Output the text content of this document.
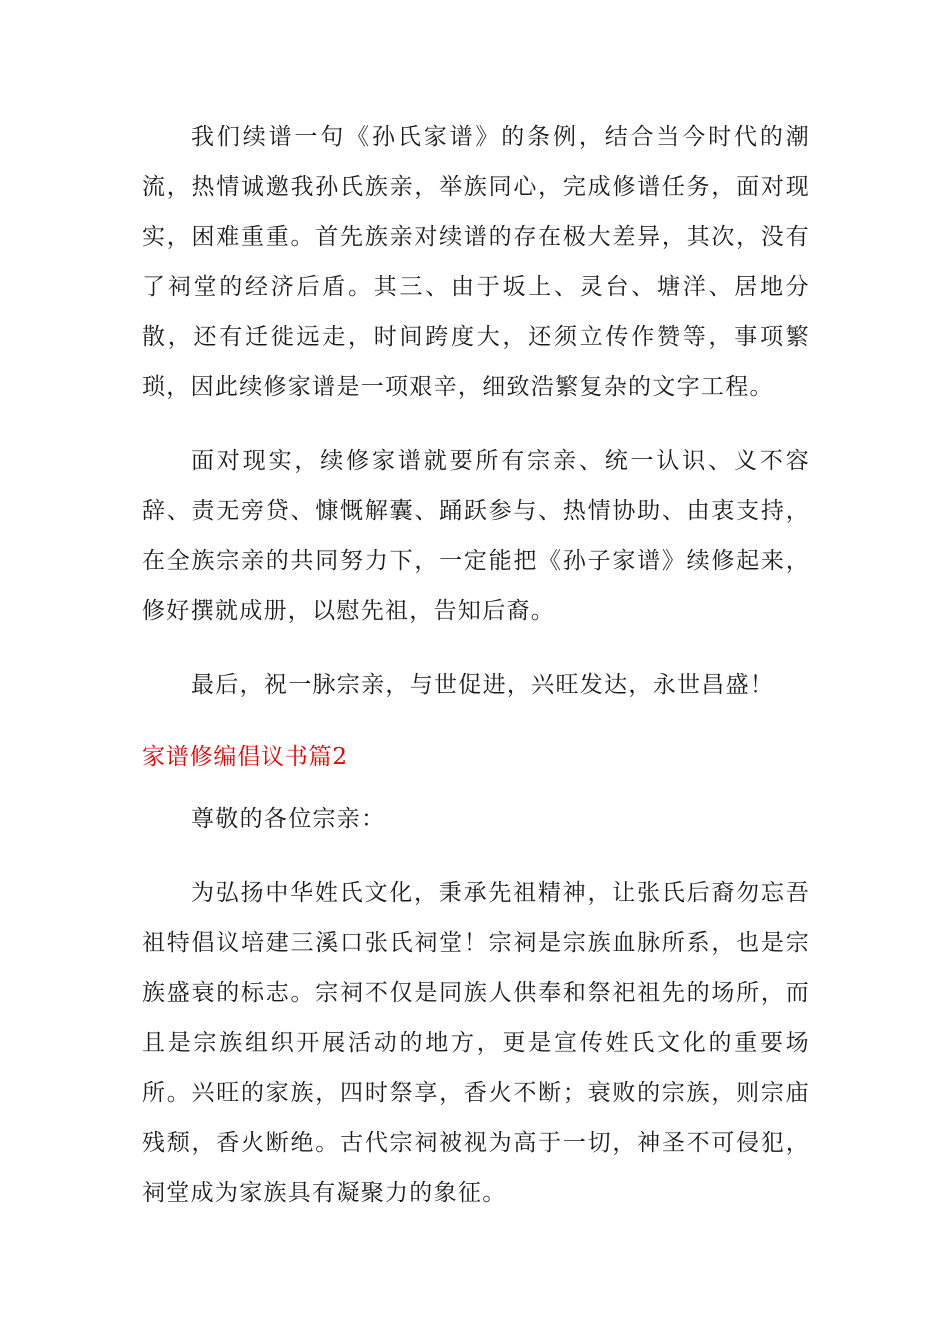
我们续谱一句《孙氏家谱》的条例，结合当今时代的潮流，热情诚邀我孙氏族亲，举族同心，完成修谱任务，面对现实，困难重重。首先族亲对续谱的存在极大差异，其次，没有了祠堂的经济后盾。其三、由于坂上、灵台、塘洋、居地分散，还有迁徙远走，时间跨度大，还须立传作赞等，事项繁琐，因此续修家谱是一项艰辛，细致浩繁复杂的文字工程。

面对现实，续修家谱就要所有宗亲、统一认识、义不容辞、责无旁贷、慷慨解囊、踊跃参与、热情协助、由衷支持，在全族宗亲的共同努力下，一定能把《孙子家谱》续修起来，修好撰就成册，以慰先祖，告知后裔。

最后，祝一脉宗亲，与世促进，兴旺发达，永世昌盛！

家谱修编倡议书篇2

尊敬的各位宗亲：

为弘扬中华姓氏文化，秉承先祖精神，让张氏后裔勿忘吾祖特倡议培建三溪口张氏祠堂！宗祠是宗族血脉所系，也是宗族盛衰的标志。宗祠不仅是同族人供奉和祭祀祖先的场所，而且是宗族组织开展活动的地方，更是宣传姓氏文化的重要场所。兴旺的家族，四时祭享，香火不断；衰败的宗族，则宗庙残颓，香火断绝。古代宗祠被视为高于一切，神圣不可侵犯，祠堂成为家族具有凝聚力的象征。
